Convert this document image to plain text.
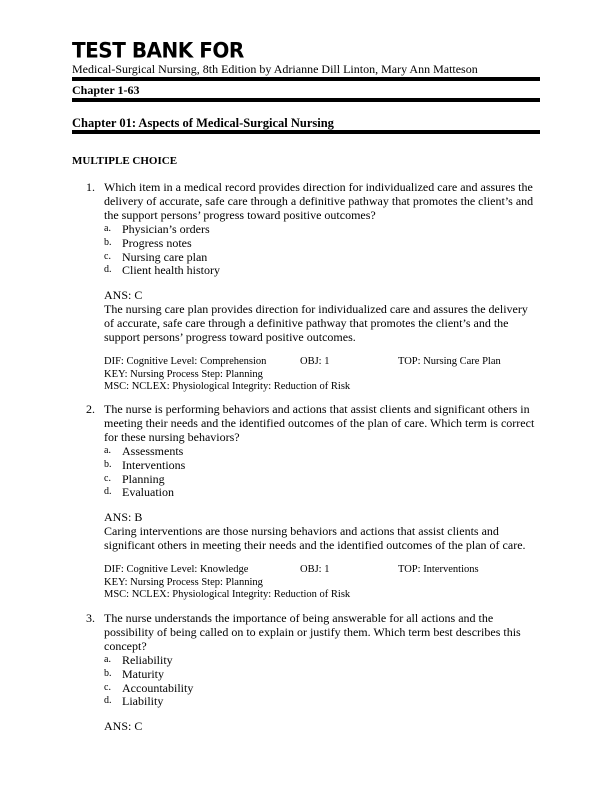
TEST BANK FOR
Medical-Surgical Nursing, 8th Edition by Adrianne Dill Linton, Mary Ann Matteson
Chapter 1-63
Chapter 01: Aspects of Medical-Surgical Nursing
MULTIPLE CHOICE
1. Which item in a medical record provides direction for individualized care and assures the delivery of accurate, safe care through a definitive pathway that promotes the client’s and the support persons’ progress toward positive outcomes?
a. Physician’s orders
b. Progress notes
c. Nursing care plan
d. Client health history
ANS: C
The nursing care plan provides direction for individualized care and assures the delivery of accurate, safe care through a definitive pathway that promotes the client’s and the support persons’ progress toward positive outcomes.
DIF: Cognitive Level: Comprehension	OBJ: 1	TOP: Nursing Care Plan
KEY: Nursing Process Step: Planning
MSC: NCLEX: Physiological Integrity: Reduction of Risk
2. The nurse is performing behaviors and actions that assist clients and significant others in meeting their needs and the identified outcomes of the plan of care. Which term is correct for these nursing behaviors?
a. Assessments
b. Interventions
c. Planning
d. Evaluation
ANS: B
Caring interventions are those nursing behaviors and actions that assist clients and significant others in meeting their needs and the identified outcomes of the plan of care.
DIF: Cognitive Level: Knowledge	OBJ: 1	TOP: Interventions
KEY: Nursing Process Step: Planning
MSC: NCLEX: Physiological Integrity: Reduction of Risk
3. The nurse understands the importance of being answerable for all actions and the possibility of being called on to explain or justify them. Which term best describes this concept?
a. Reliability
b. Maturity
c. Accountability
d. Liability
ANS: C
